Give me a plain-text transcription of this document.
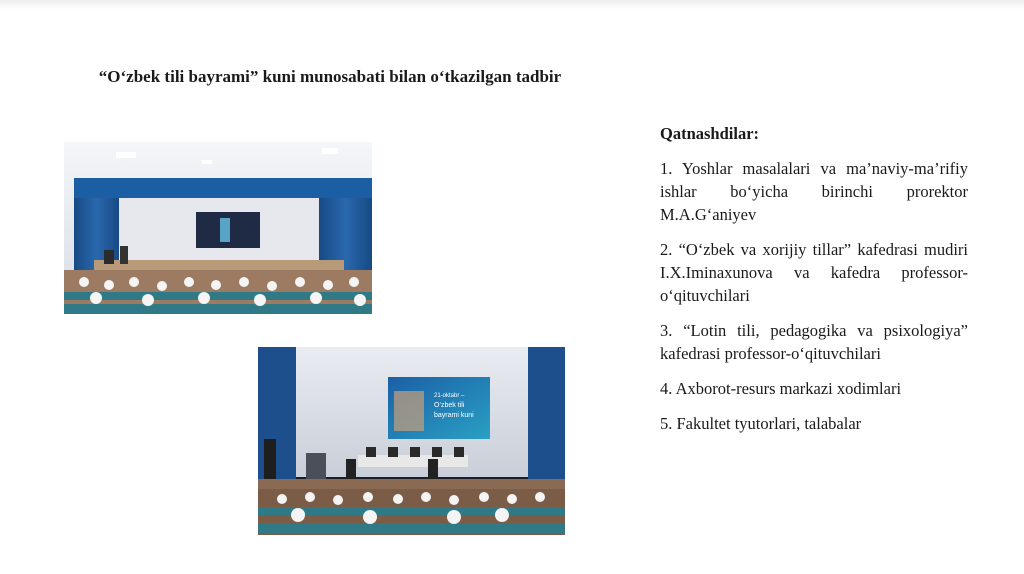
“O‘zbek tili bayrami” kuni munosabati bilan o‘tkazilgan tadbir
21-oktabr –
O‘zbek tili
bayrami kuni
Qatnashdilar:
1. Yoshlar masalalari va ma’naviy-ma’rifiy ishlar bo‘yicha birinchi prorektor M.A.G‘aniyev
2. “O‘zbek va xorijiy tillar” kafedrasi mudiri I.X.Iminaxunova va kafedra professor-o‘qituvchilari
3. “Lotin tili, pedagogika va psixologiya” kafedrasi professor-o‘qituvchilari
4. Axborot-resurs markazi xodimlari
5. Fakultet tyutorlari, talabalar
